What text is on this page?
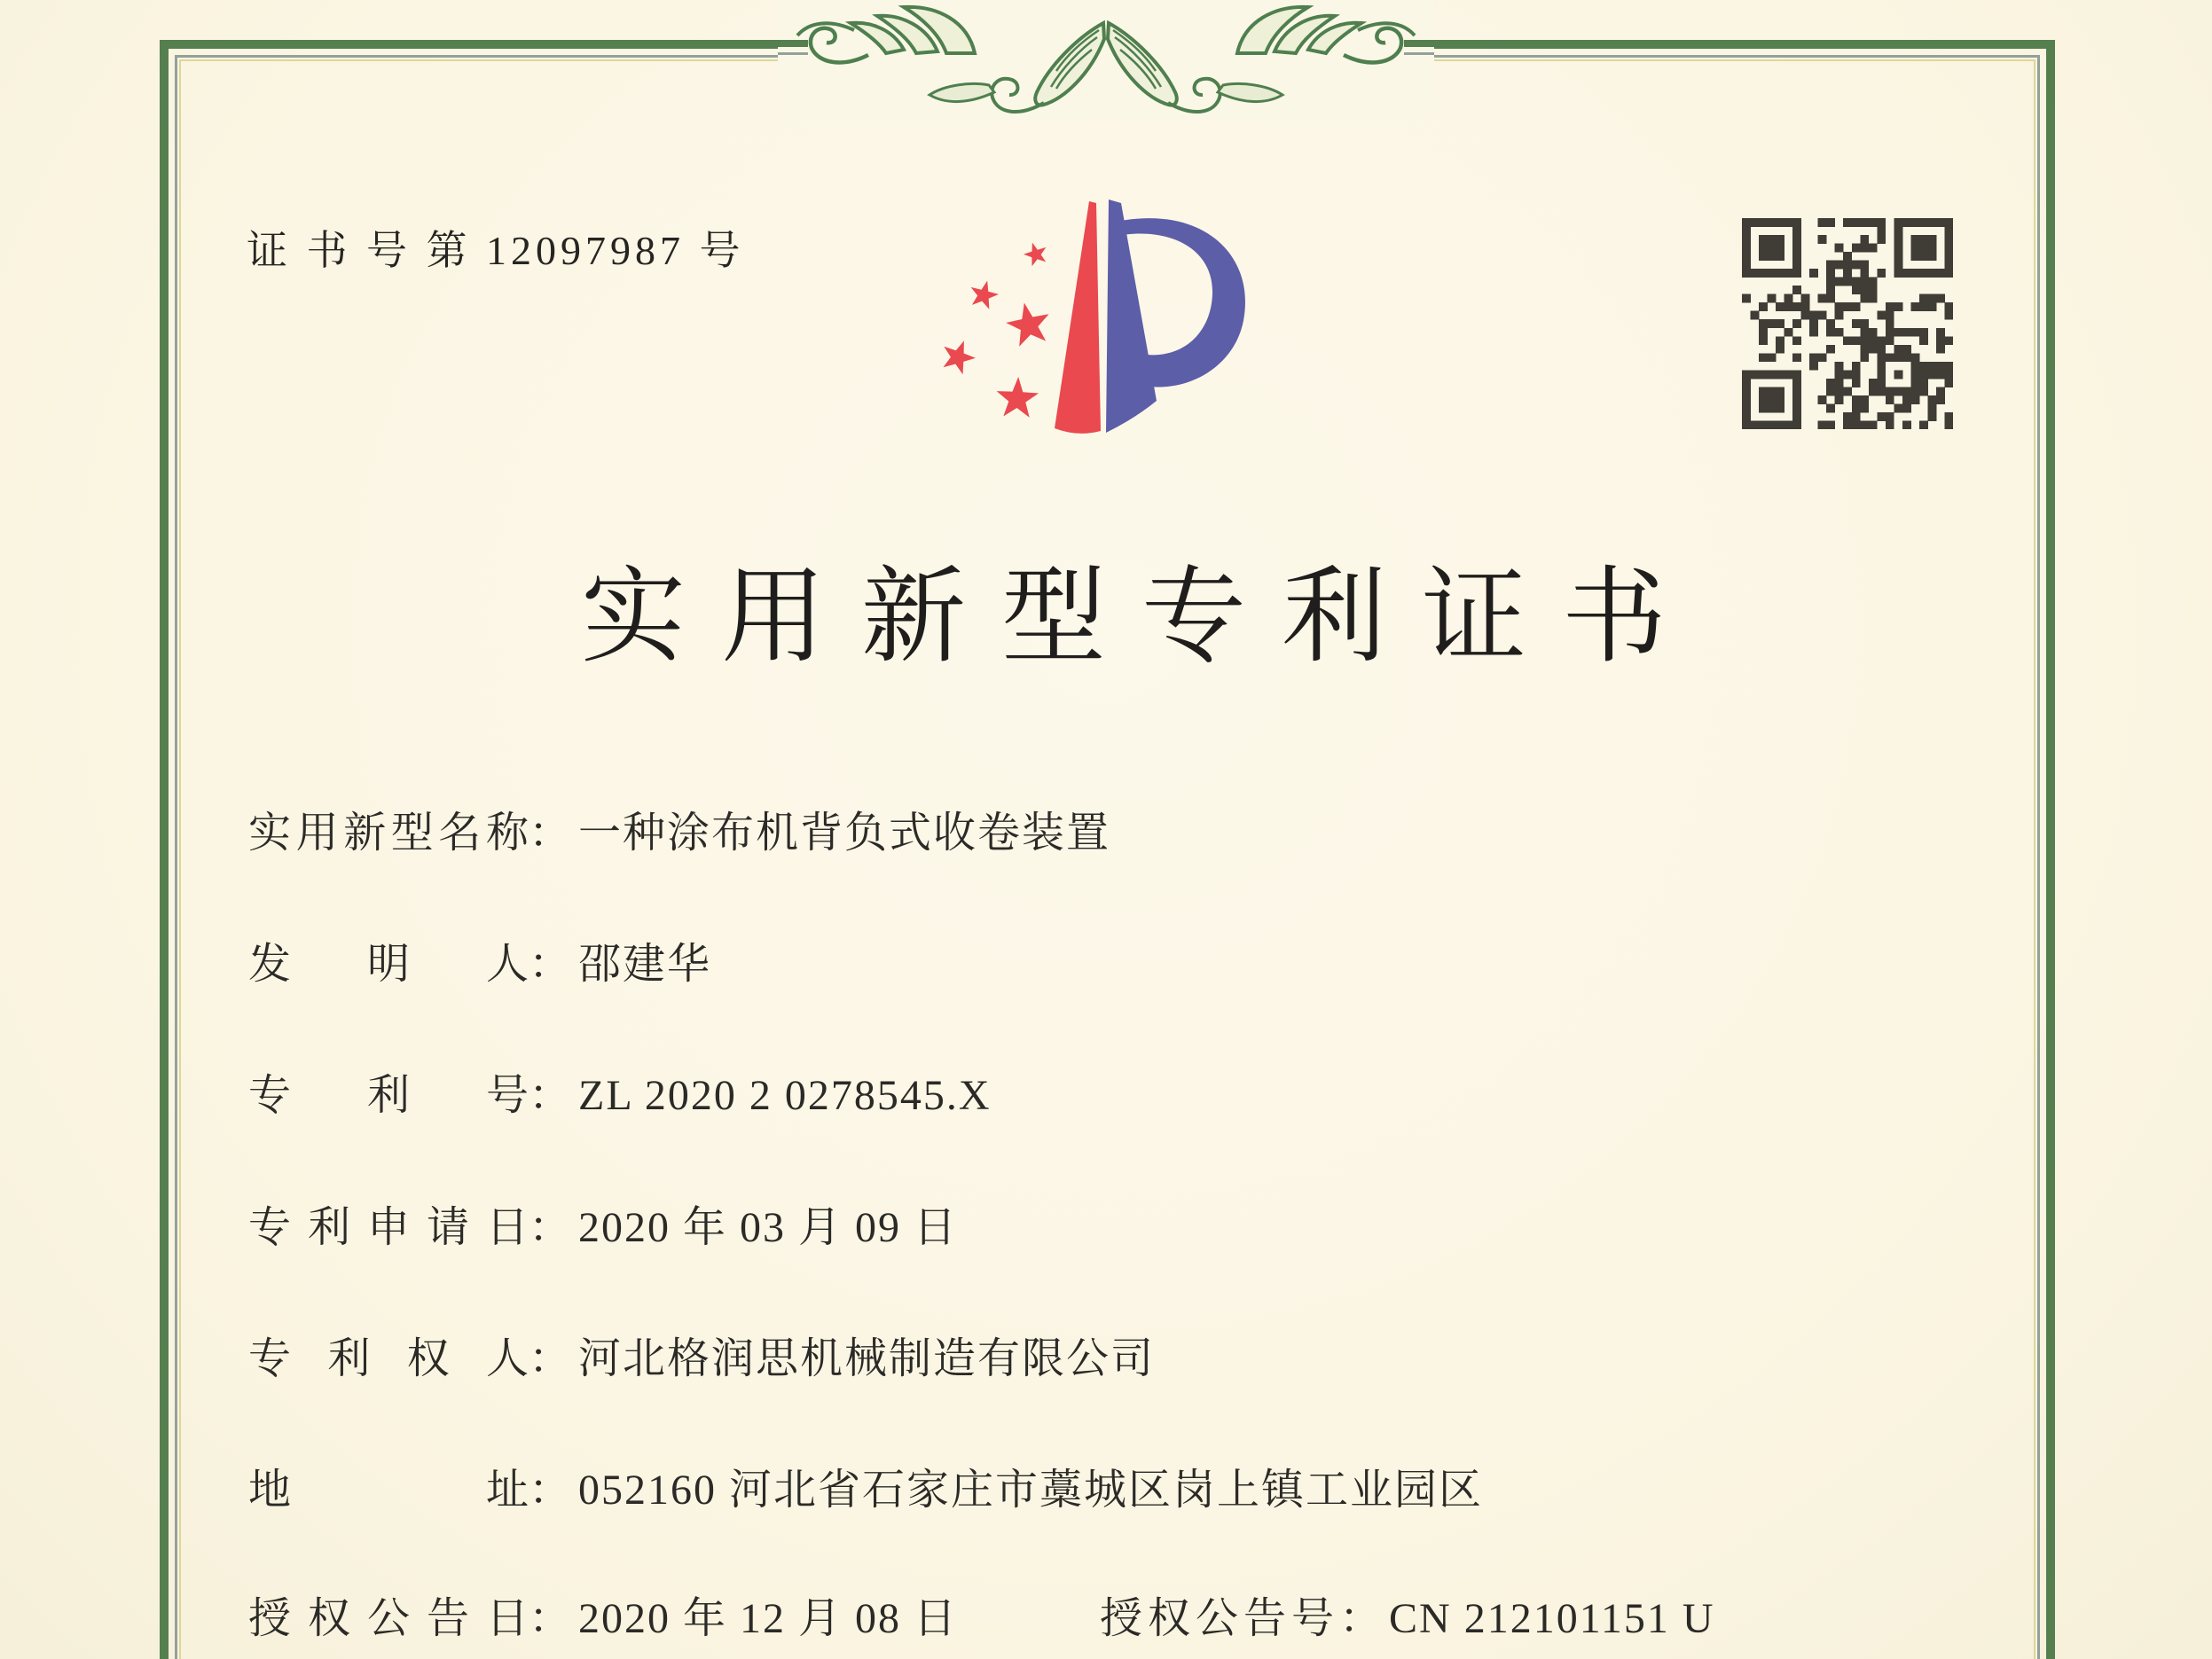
证 书 号 第 12097987 号
实用新型专利证书
实用新型名称： 一种涂布机背负式收卷装置
发明人： 邵建华
专利号： ZL 2020 2 0278545.X
专利申请日： 2020 年 03 月 09 日
专利权人： 河北格润思机械制造有限公司
地址： 052160 河北省石家庄市藁城区岗上镇工业园区
授权公告日： 2020 年 12 月 08 日	授权公告号： CN 212101151 U
